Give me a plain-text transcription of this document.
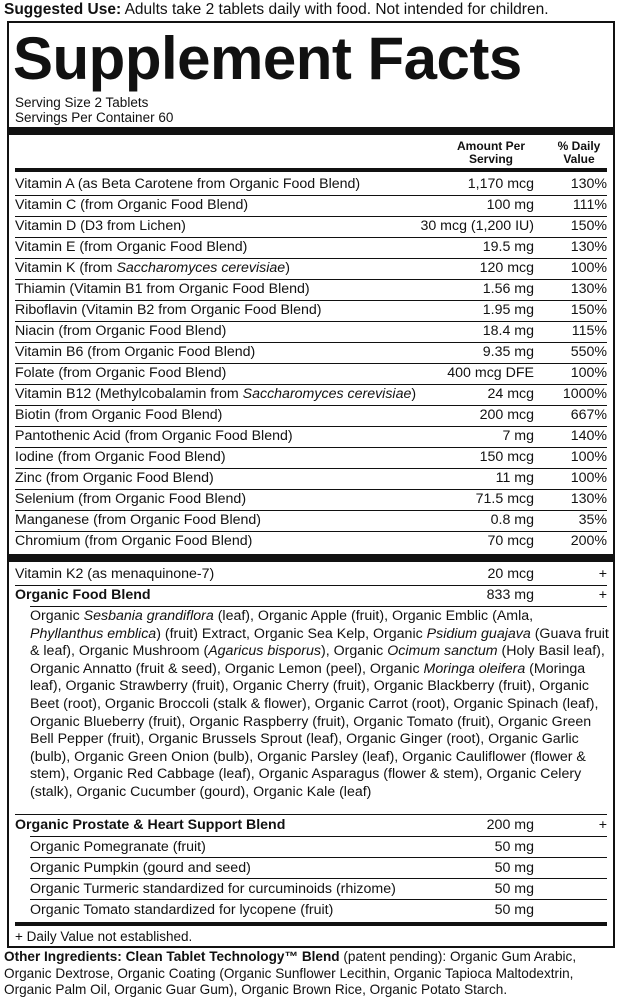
Suggested Use: Adults take 2 tablets daily with food. Not intended for children.
Supplement Facts
Serving Size 2 Tablets
Servings Per Container 60
Amount Per
Serving
% Daily
Value
Vitamin A (as Beta Carotene from Organic Food Blend)	1,170 mcg	130%
Vitamin C (from Organic Food Blend)	100 mg	111%
Vitamin D (D3 from Lichen)	30 mcg (1,200 IU)	150%
Vitamin E (from Organic Food Blend)	19.5 mg	130%
Vitamin K (from Saccharomyces cerevisiae)	120 mcg	100%
Thiamin (Vitamin B1 from Organic Food Blend)	1.56 mg	130%
Riboflavin (Vitamin B2 from Organic Food Blend)	1.95 mg	150%
Niacin (from Organic Food Blend)	18.4 mg	115%
Vitamin B6 (from Organic Food Blend)	9.35 mg	550%
Folate (from Organic Food Blend)	400 mcg DFE	100%
Vitamin B12 (Methylcobalamin from Saccharomyces cerevisiae)	24 mcg 1000%
Biotin (from Organic Food Blend)	200 mcg	667%
Pantothenic Acid (from Organic Food Blend)	7 mg	140%
Iodine (from Organic Food Blend)	150 mcg	100%
Zinc (from Organic Food Blend)	11 mg	100%
Selenium (from Organic Food Blend)	71.5 mcg	130%
Manganese (from Organic Food Blend)	0.8 mg	35%
Chromium (from Organic Food Blend)	70 mcg	200%
Vitamin K2 (as menaquinone-7)	20 mcg	+
Organic Food Blend	833 mg	+
Organic Sesbania grandiflora (leaf), Organic Apple (fruit), Organic Emblic (Amla, Phyllanthus emblica) (fruit) Extract, Organic Sea Kelp, Organic Psidium guajava (Guava fruit & leaf), Organic Mushroom (Agaricus bisporus), Organic Ocimum sanctum (Holy Basil leaf), Organic Annatto (fruit & seed), Organic Lemon (peel), Organic Moringa oleifera (Moringa leaf), Organic Strawberry (fruit), Organic Cherry (fruit), Organic Blackberry (fruit), Organic Beet (root), Organic Broccoli (stalk & flower), Organic Carrot (root), Organic Spinach (leaf), Organic Blueberry (fruit), Organic Raspberry (fruit), Organic Tomato (fruit), Organic Green Bell Pepper (fruit), Organic Brussels Sprout (leaf), Organic Ginger (root), Organic Garlic (bulb), Organic Green Onion (bulb), Organic Parsley (leaf), Organic Cauliflower (flower & stem), Organic Red Cabbage (leaf), Organic Asparagus (flower & stem), Organic Celery (stalk), Organic Cucumber (gourd), Organic Kale (leaf)
Organic Prostate & Heart Support Blend	200 mg	+
Organic Pomegranate (fruit)	50 mg
Organic Pumpkin (gourd and seed)	50 mg
Organic Turmeric standardized for curcuminoids (rhizome)	50 mg
Organic Tomato standardized for lycopene (fruit)	50 mg
+ Daily Value not established.
Other Ingredients: Clean Tablet Technology™ Blend (patent pending): Organic Gum Arabic, Organic Dextrose, Organic Coating (Organic Sunflower Lecithin, Organic Tapioca Maltodextrin, Organic Palm Oil, Organic Guar Gum), Organic Brown Rice, Organic Potato Starch.
